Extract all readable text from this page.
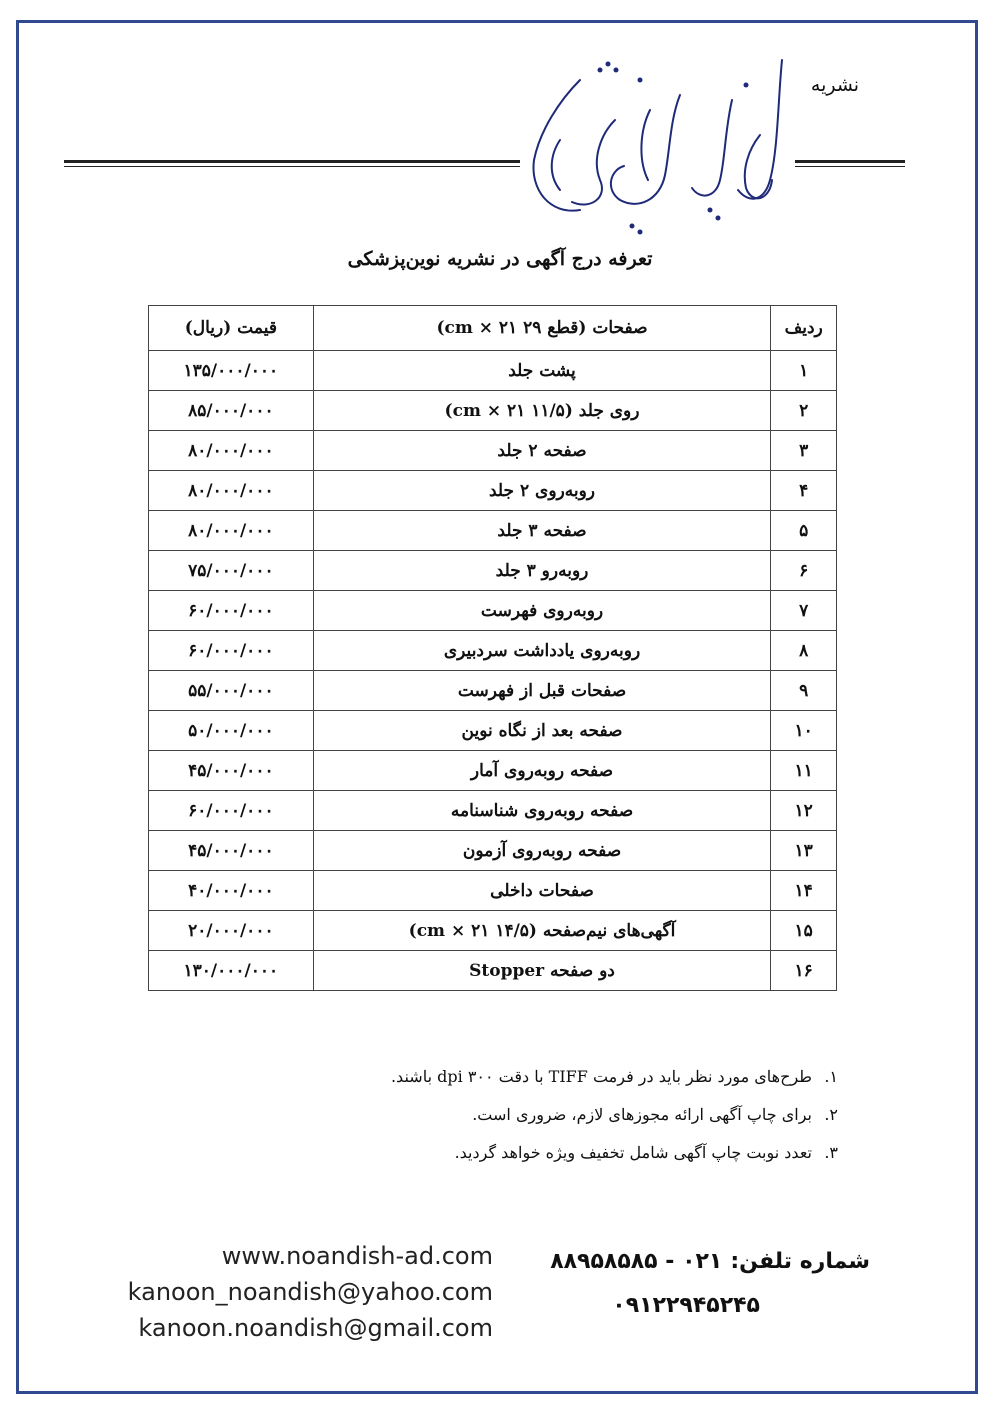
نشریه
نوین پزشکی
تعرفه درج آگهی در نشریه نوین‌پزشکی
ردیف	صفحات (قطع ۲۹ cm × ۲۱)	قیمت (ریال)
۱	پشت جلد	۱۳۵/۰۰۰/۰۰۰
۲	روی جلد (۱۱/۵ cm × ۲۱)	۸۵/۰۰۰/۰۰۰
۳	صفحه ۲ جلد	۸۰/۰۰۰/۰۰۰
۴	روبه‌روی ۲ جلد	۸۰/۰۰۰/۰۰۰
۵	صفحه ۳ جلد	۸۰/۰۰۰/۰۰۰
۶	روبه‌رو ۳ جلد	۷۵/۰۰۰/۰۰۰
۷	روبه‌روی فهرست	۶۰/۰۰۰/۰۰۰
۸	روبه‌روی یادداشت سردبیری	۶۰/۰۰۰/۰۰۰
۹	صفحات قبل از فهرست	۵۵/۰۰۰/۰۰۰
۱۰	صفحه بعد از نگاه نوین	۵۰/۰۰۰/۰۰۰
۱۱	صفحه روبه‌روی آمار	۴۵/۰۰۰/۰۰۰
۱۲	صفحه روبه‌روی شناسنامه	۶۰/۰۰۰/۰۰۰
۱۳	صفحه روبه‌روی آزمون	۴۵/۰۰۰/۰۰۰
۱۴	صفحات داخلی	۴۰/۰۰۰/۰۰۰
۱۵	آگهی‌های نیم‌صفحه (۱۴/۵ cm × ۲۱)	۲۰/۰۰۰/۰۰۰
۱۶	دو صفحه Stopper	۱۳۰/۰۰۰/۰۰۰
۱.طرح‌های مورد نظر باید در فرمت TIFF با دقت ۳۰۰ dpi باشند.
۲.برای چاپ آگهی ارائه مجوزهای لازم، ضروری است.
۳.تعدد نوبت چاپ آگهی شامل تخفیف ویژه خواهد گردید.
www.noandish-ad.com
kanoon_noandish@yahoo.com
kanoon.noandish@gmail.com
شماره تلفن:۰۲۱ - ۸۸۹۵۸۵۸۵
۰۹۱۲۲۹۴۵۲۴۵
